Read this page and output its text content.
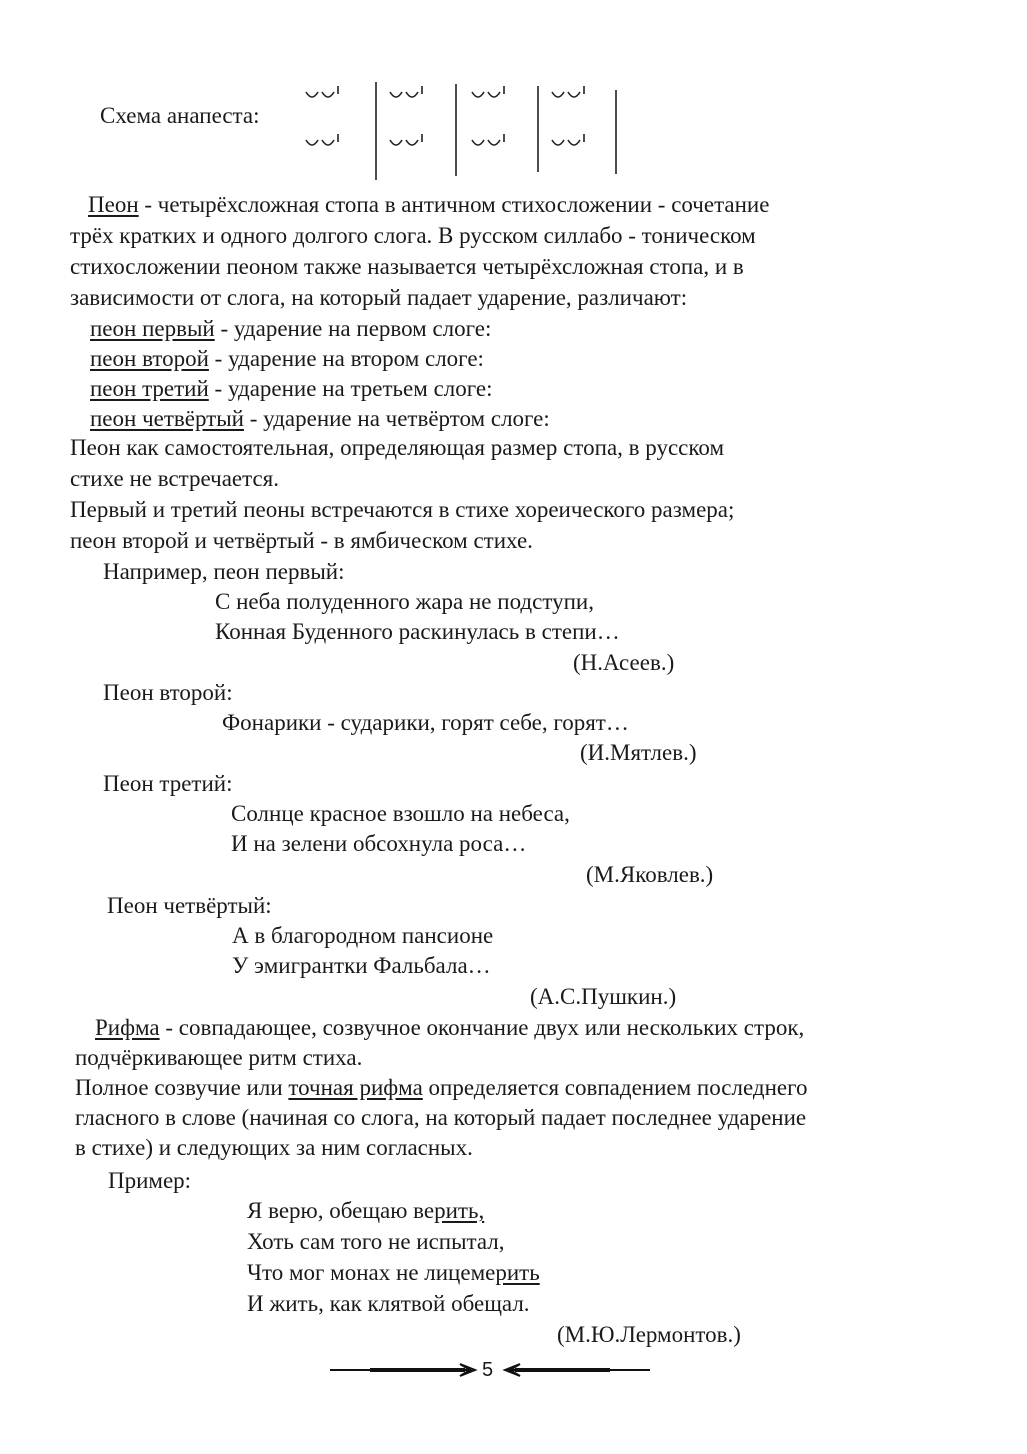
Схема анапеста:
Пеон - четырёхсложная стопа в античном стихосложении - сочетание
трёх кратких и одного долгого слога. В русском силлабо - тоническом
стихосложении пеоном также называется четырёхсложная стопа, и в
зависимости от слога, на который падает ударение, различают:
пеон первый - ударение на первом слоге:
пеон второй - ударение на втором слоге:
пеон третий - ударение на третьем слоге:
пеон четвёртый - ударение на четвёртом слоге:
Пеон как самостоятельная, определяющая размер стопа, в русском
стихе не встречается.
Первый и третий пеоны встречаются в стихе хореического размера;
пеон второй и четвёртый - в ямбическом стихе.
Например, пеон первый:
С неба полуденного жара не подступи,
Конная Буденного раскинулась в степи…
(Н.Асеев.)
Пеон второй:
Фонарики - сударики, горят себе, горят…
(И.Мятлев.)
Пеон третий:
Солнце красное взошло на небеса,
И на зелени обсохнула роса…
(М.Яковлев.)
Пеон четвёртый:
А в благородном пансионе
У эмигрантки Фальбала…
(А.С.Пушкин.)
Рифма - совпадающее, созвучное окончание двух или нескольких строк,
подчёркивающее ритм стиха.
Полное созвучие или точная рифма определяется совпадением последнего
гласного в слове (начиная со слога, на который падает последнее ударение
в стихе) и следующих за ним согласных.
Пример:
Я верю, обещаю верить,
Хоть сам того не испытал,
Что мог монах не лицемерить
И жить, как клятвой обещал.
(М.Ю.Лермонтов.)
5
